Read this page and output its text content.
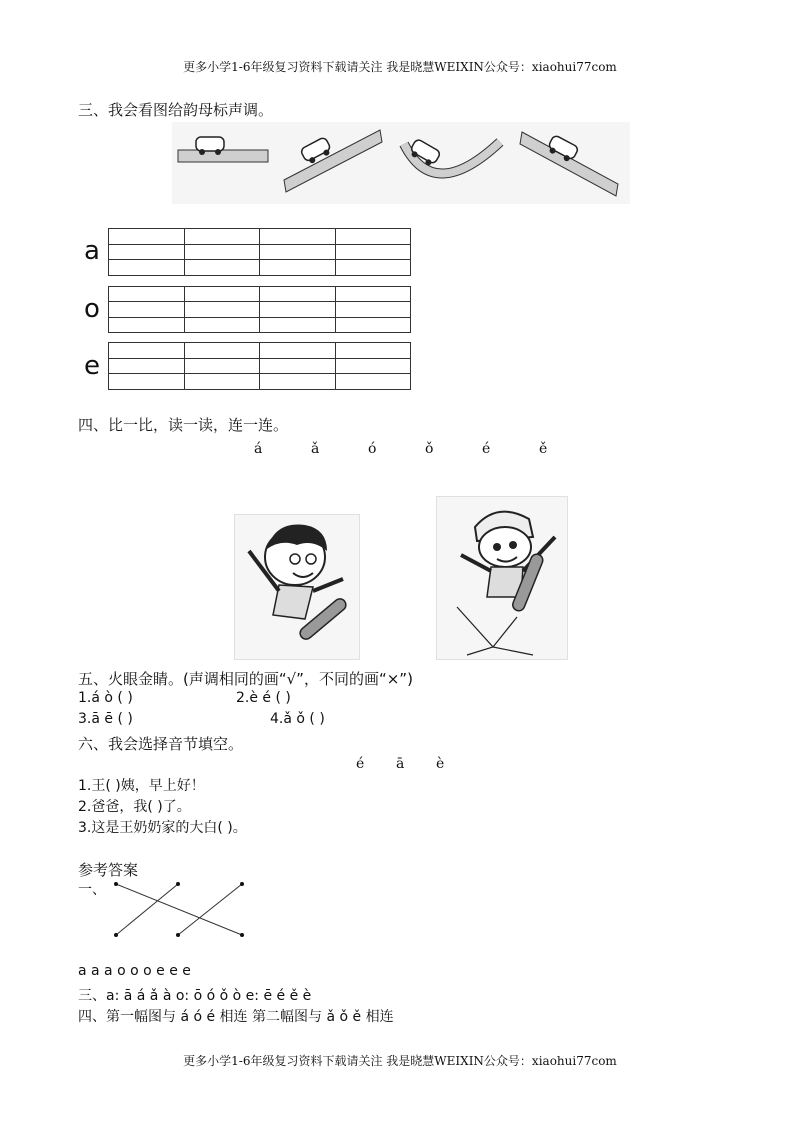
更多小学1-6年级复习资料下载请关注 我是晓慧WEIXIN公众号：xiaohui77com
三、我会看图给韵母标声调。
a

o

e

四、比一比，读一读，连一连。
á	ǎ	ó	ǒ	é	ě
五、火眼金睛。(声调相同的画“√”，不同的画“×”)
1.á ò ( )	2.è é ( )
3.ā ē ( )	4.ǎ ǒ ( )
六、我会选择音节填空。
é ā è
1.王( )姨，早上好！
2.爸爸，我( )了。
3.这是王奶奶家的大白( )。
参考答案
一、
a a a o o o e e e
三、a: ā á ǎ à o: ō ó ǒ ò e: ē é ě è
四、第一幅图与 á ó é 相连 第二幅图与 ǎ ǒ ě 相连
更多小学1-6年级复习资料下载请关注 我是晓慧WEIXIN公众号：xiaohui77com
